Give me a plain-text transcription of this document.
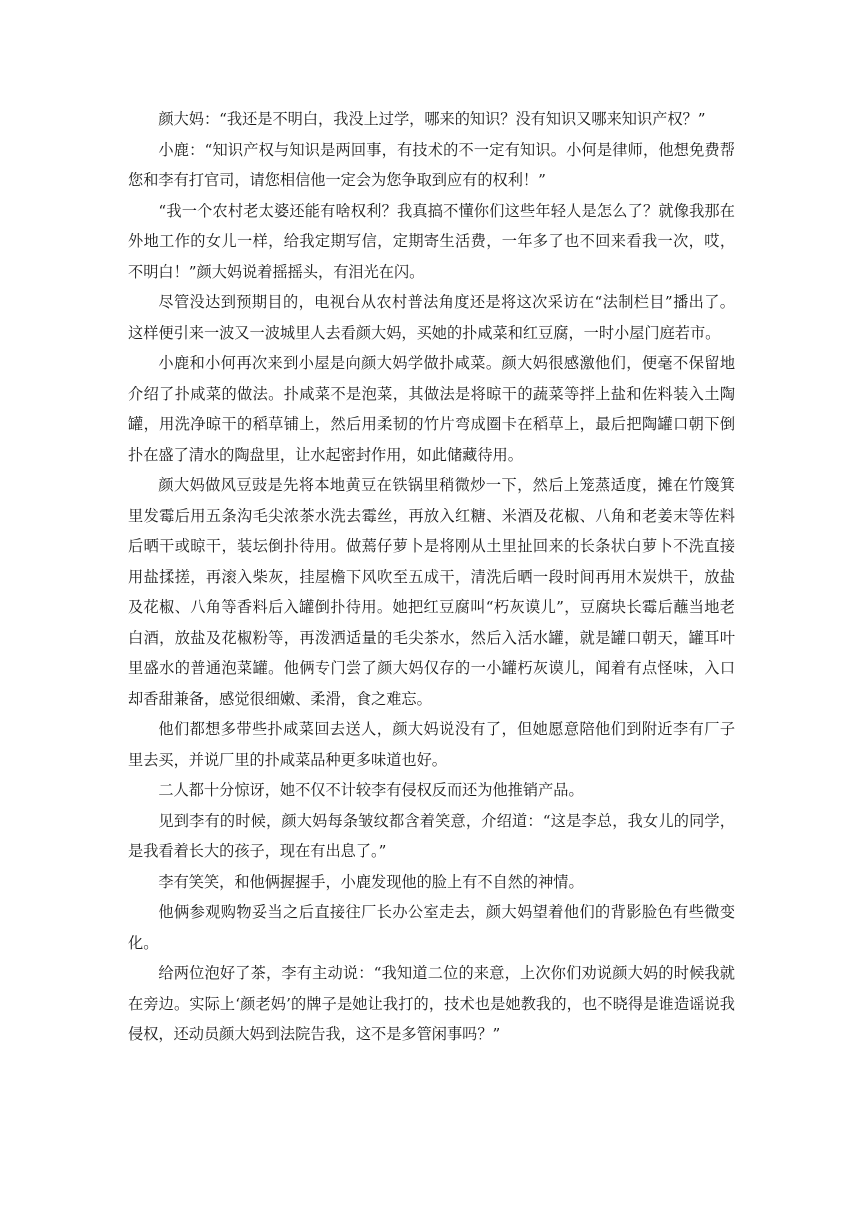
颜大妈：“我还是不明白，我没上过学，哪来的知识？没有知识又哪来知识产权？”

小鹿：“知识产权与知识是两回事，有技术的不一定有知识。小何是律师，他想免费帮您和李有打官司，请您相信他一定会为您争取到应有的权利！”

“我一个农村老太婆还能有啥权利？我真搞不懂你们这些年轻人是怎么了？就像我那在外地工作的女儿一样，给我定期写信，定期寄生活费，一年多了也不回来看我一次，哎，不明白！”颜大妈说着摇摇头，有泪光在闪。

尽管没达到预期目的，电视台从农村普法角度还是将这次采访在“法制栏目”播出了。这样便引来一波又一波城里人去看颜大妈，买她的扑咸菜和红豆腐，一时小屋门庭若市。

小鹿和小何再次来到小屋是向颜大妈学做扑咸菜。颜大妈很感激他们，便毫不保留地介绍了扑咸菜的做法。扑咸菜不是泡菜，其做法是将晾干的蔬菜等拌上盐和佐料装入土陶罐，用洗净晾干的稻草铺上，然后用柔韧的竹片弯成圈卡在稻草上，最后把陶罐口朝下倒扑在盛了清水的陶盘里，让水起密封作用，如此储藏待用。

颜大妈做风豆豉是先将本地黄豆在铁锅里稍微炒一下，然后上笼蒸适度，摊在竹篾箕里发霉后用五条沟毛尖浓茶水洗去霉丝，再放入红糖、米酒及花椒、八角和老姜末等佐料后晒干或晾干，装坛倒扑待用。做蔫仔萝卜是将刚从土里扯回来的长条状白萝卜不洗直接用盐揉搓，再滚入柴灰，挂屋檐下风吹至五成干，清洗后晒一段时间再用木炭烘干，放盐及花椒、八角等香料后入罐倒扑待用。她把红豆腐叫“朽灰谟儿”，豆腐块长霉后蘸当地老白酒，放盐及花椒粉等，再泼洒适量的毛尖茶水，然后入活水罐，就是罐口朝天，罐耳叶里盛水的普通泡菜罐。他俩专门尝了颜大妈仅存的一小罐朽灰谟儿，闻着有点怪味，入口却香甜兼备，感觉很细嫩、柔滑，食之难忘。

他们都想多带些扑咸菜回去送人，颜大妈说没有了，但她愿意陪他们到附近李有厂子里去买，并说厂里的扑咸菜品种更多味道也好。

二人都十分惊讶，她不仅不计较李有侵权反而还为他推销产品。

见到李有的时候，颜大妈每条皱纹都含着笑意，介绍道：“这是李总，我女儿的同学，是我看着长大的孩子，现在有出息了。”

李有笑笑，和他俩握握手，小鹿发现他的脸上有不自然的神情。

他俩参观购物妥当之后直接往厂长办公室走去，颜大妈望着他们的背影脸色有些微变化。

给两位泡好了茶，李有主动说：“我知道二位的来意，上次你们劝说颜大妈的时候我就在旁边。实际上‘颜老妈’的牌子是她让我打的，技术也是她教我的，也不晓得是谁造谣说我侵权，还动员颜大妈到法院告我，这不是多管闲事吗？”
